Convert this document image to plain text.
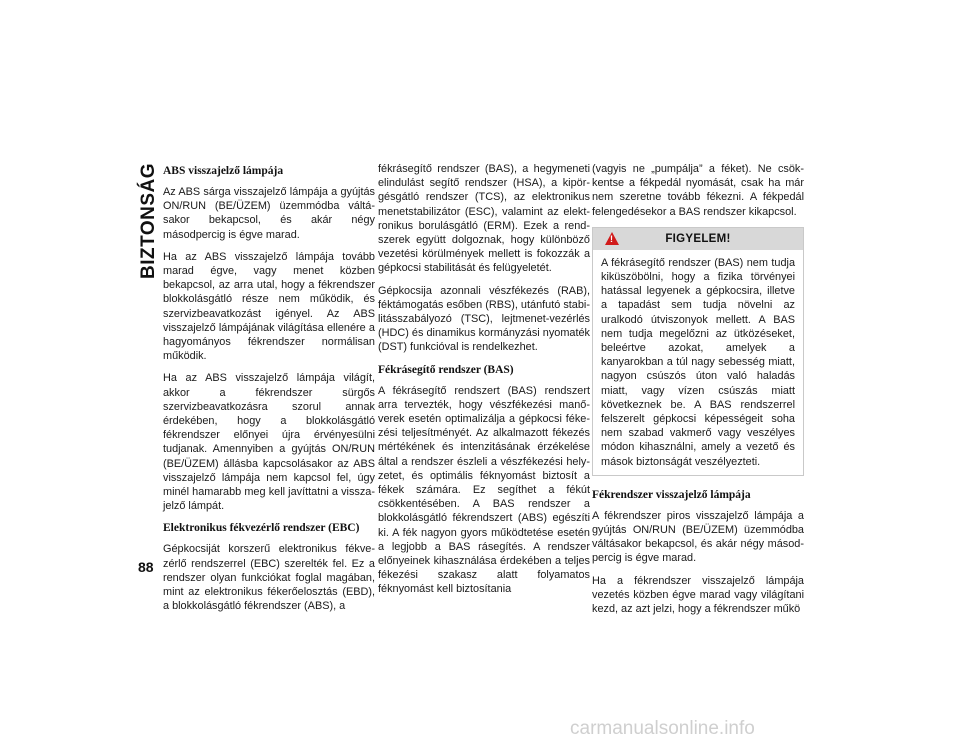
BIZTONSÁG
88
ABS visszajelző lámpája

Az ABS sárga visszajelző lámpája a gyújtás ON/RUN (BE/ÜZEM) üzemmódba váltásakor bekapcsol, és akár négy másodpercig is égve marad.

Ha az ABS visszajelző lámpája tovább marad égve, vagy menet közben bekapcsol, az arra utal, hogy a fékrendszer blokkolásgátló része nem működik, és szervizbeavatkozást igényel. Az ABS visszajelző lámpájának világítása ellenére a hagyományos fékrendszer normálisan működik.

Ha az ABS visszajelző lámpája világít, akkor a fékrendszer sürgős szervizbeavatkozásra szorul annak érdekében, hogy a blokkolásgátló fékrendszer előnyei újra érvényesülni tudjanak. Amennyiben a gyújtás ON/RUN (BE/ÜZEM) állásba kapcsolásakor az ABS visszajelző lámpája nem kapcsol fel, úgy minél hamarabb meg kell javíttatni a visszajelző lámpát.

Elektronikus fékvezérlő rendszer (EBC)

Gépkocsiját korszerű elektronikus fékvezérlő rendszerrel (EBC) szerelték fel. Ez a rendszer olyan funkciókat foglal magában, mint az elektronikus fékerőelosztás (EBD), a blokkolásgátló fékrendszer (ABS), a

fékrásegítő rendszer (BAS), a hegymeneti elindulást segítő rendszer (HSA), a kipörgésgátló rendszer (TCS), az elektronikus menetstabilizátor (ESC), valamint az elektronikus borulásgátló (ERM). Ezek a rendszerek együtt dolgoznak, hogy különböző vezetési körülmények mellett is fokozzák a gépkocsi stabilitását és felügyeletét.

Gépkocsija azonnali vészfékezés (RAB), féktámogatás esőben (RBS), utánfutó stabilitásszabályozó (TSC), lejtmenet-vezérlés (HDC) és dinamikus kormányzási nyomaték (DST) funkcióval is rendelkezhet.

Fékrásegítő rendszer (BAS)

A fékrásegítő rendszert (BAS) rendszert arra tervezték, hogy vészfékezési manőverek esetén optimalizálja a gépkocsi fékezési teljesítményét. Az alkalmazott fékezés mértékének és intenzitásának érzékelése által a rendszer észleli a vészfékezési helyzetet, és optimális féknyomást biztosít a fékek számára. Ez segíthet a fékút csökkentésében. A BAS rendszer a blokkolásgátló fékrendszert (ABS) egészíti ki. A fék nagyon gyors működtetése esetén a legjobb a BAS rásegítés. A rendszer előnyeinek kihasználása érdekében a teljes fékezési szakasz alatt folyamatos féknyomást kell biztosítania

(vagyis ne „pumpálja” a féket). Ne csökkentse a fékpedál nyomását, csak ha már nem szeretne tovább fékezni. A fékpedál felengedésekor a BAS rendszer kikapcsol.

!
FIGYELEM!

A fékrásegítő rendszer (BAS) nem tudja kiküszöbölni, hogy a fizika törvényei hatással legyenek a gépkocsira, illetve a tapadást sem tudja növelni az uralkodó útviszonyok mellett. A BAS nem tudja megelőzni az ütközéseket, beleértve azokat, amelyek a kanyarokban a túl nagy sebesség miatt, nagyon csúszós úton való haladás miatt, vagy vízen csúszás miatt következnek be. A BAS rendszerrel felszerelt gépkocsi képességeit soha nem szabad vakmerő vagy veszélyes módon kihasználni, amely a vezető és mások biztonságát veszélyezteti.

Fékrendszer visszajelző lámpája

A fékrendszer piros visszajelző lámpája a gyújtás ON/RUN (BE/ÜZEM) üzemmódba váltásakor bekapcsol, és akár négy másodpercig is égve marad.

Ha a fékrendszer visszajelző lámpája vezetés közben égve marad vagy világítani kezd, az azt jelzi, hogy a fékrendszer műkö

carmanualsonline.info
